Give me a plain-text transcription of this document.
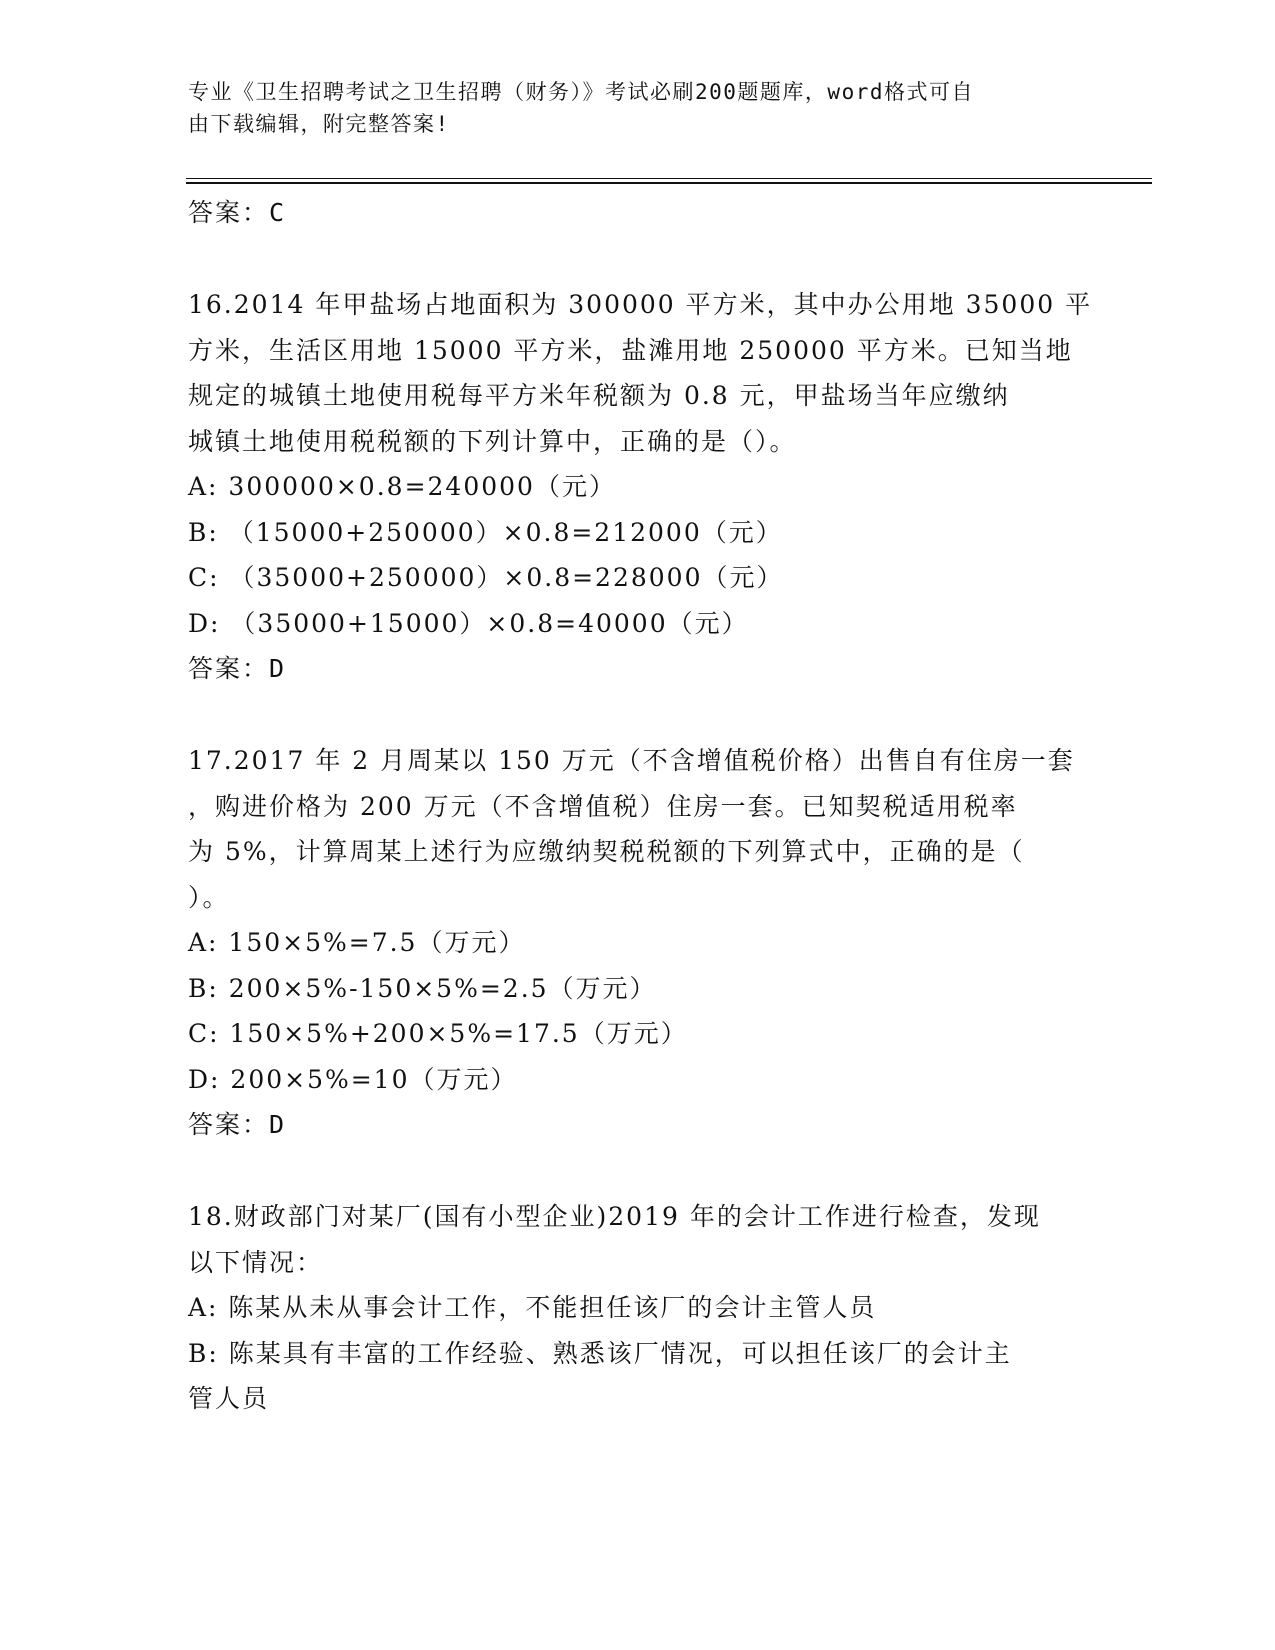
专业《卫生招聘考试之卫生招聘（财务）》考试必刷200题题库，word格式可自
由下载编辑，附完整答案!

答案：C

16.2014 年甲盐场占地面积为 300000 平方米，其中办公用地 35000 平

方米，生活区用地 15000 平方米，盐滩用地 250000 平方米。已知当地

规定的城镇土地使用税每平方米年税额为 0.8 元，甲盐场当年应缴纳

城镇土地使用税税额的下列计算中，正确的是（）。

A: 300000×0.8=240000（元）

B: （15000+250000）×0.8=212000（元）

C: （35000+250000）×0.8=228000（元）

D: （35000+15000）×0.8=40000（元）

答案：D

17.2017 年 2 月周某以 150 万元（不含增值税价格）出售自有住房一套

，购进价格为 200 万元（不含增值税）住房一套。已知契税适用税率

为 5%，计算周某上述行为应缴纳契税税额的下列算式中，正确的是（

）。

A: 150×5%=7.5（万元）

B: 200×5%-150×5%=2.5（万元）

C: 150×5%+200×5%=17.5（万元）

D: 200×5%=10（万元）

答案：D

18.财政部门对某厂(国有小型企业)2019 年的会计工作进行检查，发现

以下情况：

A: 陈某从未从事会计工作，不能担任该厂的会计主管人员

B: 陈某具有丰富的工作经验、熟悉该厂情况，可以担任该厂的会计主

管人员
